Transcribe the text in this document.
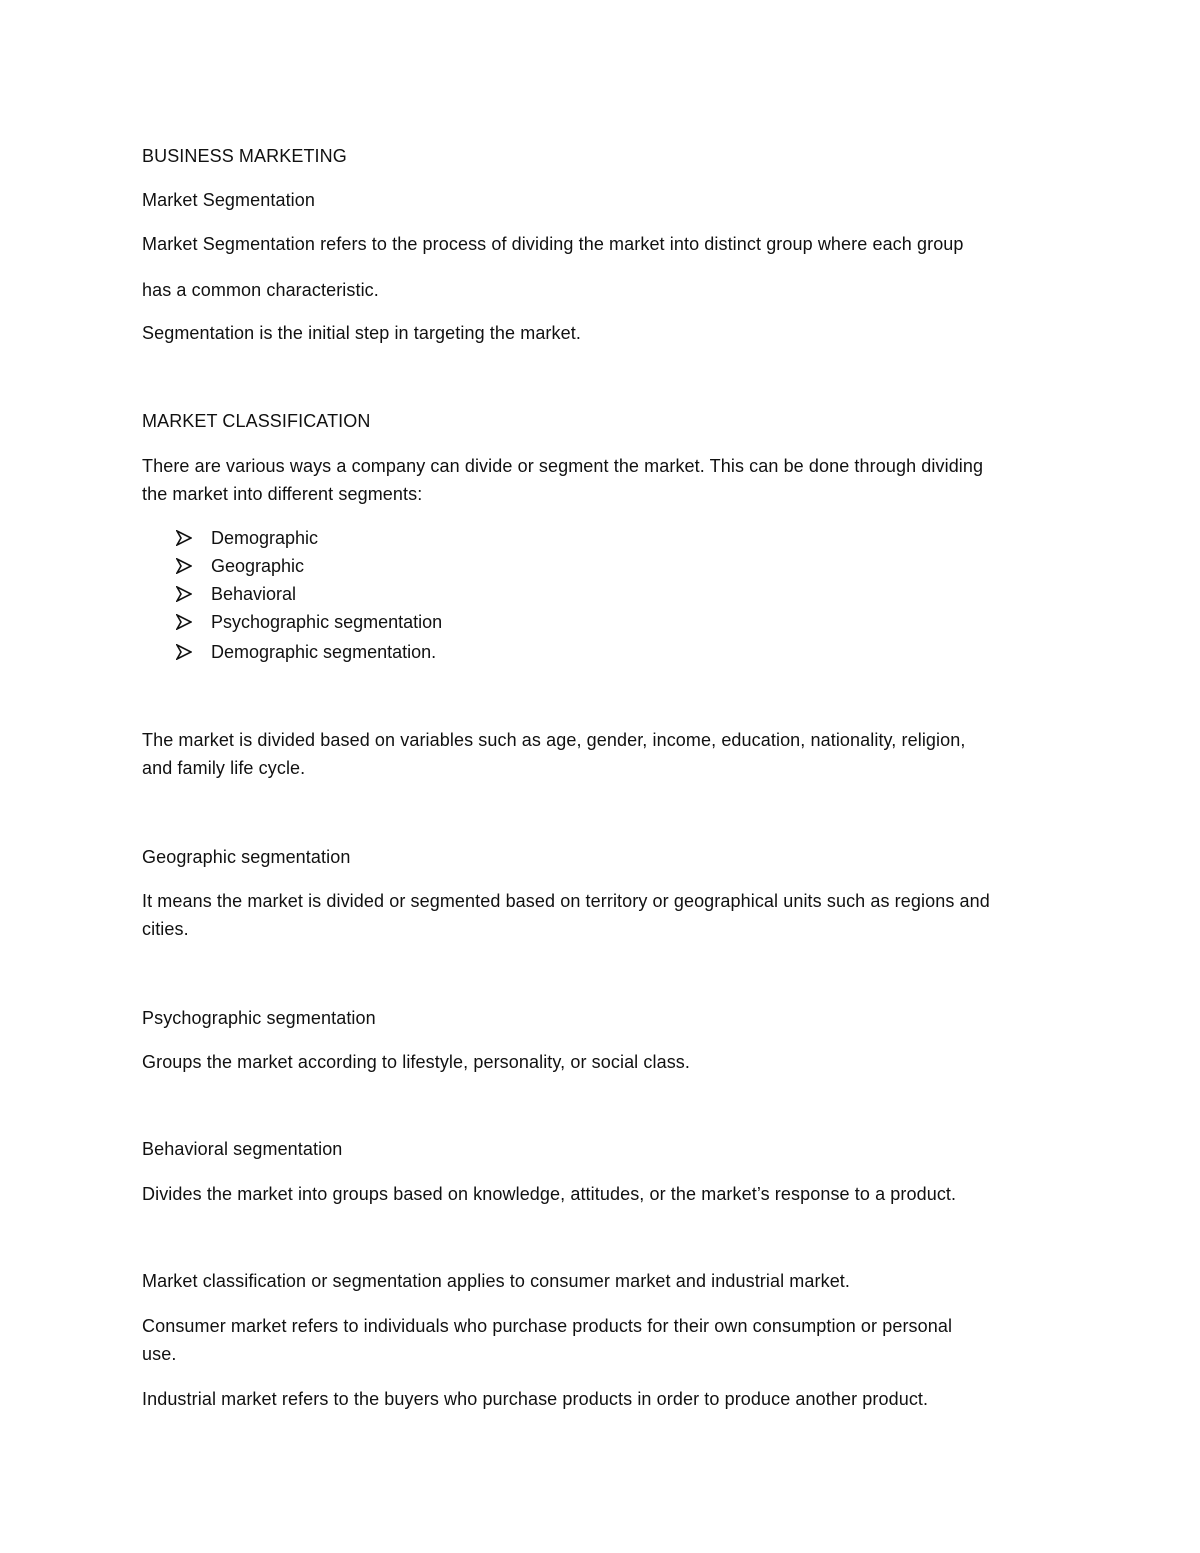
BUSINESS MARKETING
Market Segmentation
Market Segmentation refers to the process of dividing the market into distinct group where each group
has a common characteristic.
Segmentation is the initial step in targeting the market.
MARKET CLASSIFICATION
There are various ways a company can divide or segment the market. This can be done through dividing
the market into different segments:
Demographic
Geographic
Behavioral
Psychographic segmentation
Demographic segmentation.
The market is divided based on variables such as age, gender, income, education, nationality, religion,
and family life cycle.
Geographic segmentation
It means the market is divided or segmented based on territory or geographical units such as regions and
cities.
Psychographic segmentation
Groups the market according to lifestyle, personality, or social class.
Behavioral segmentation
Divides the market into groups based on knowledge, attitudes, or the market’s response to a product.
Market classification or segmentation applies to consumer market and industrial market.
Consumer market refers to individuals who purchase products for their own consumption or personal
use.
Industrial market refers to the buyers who purchase products in order to produce another product.
